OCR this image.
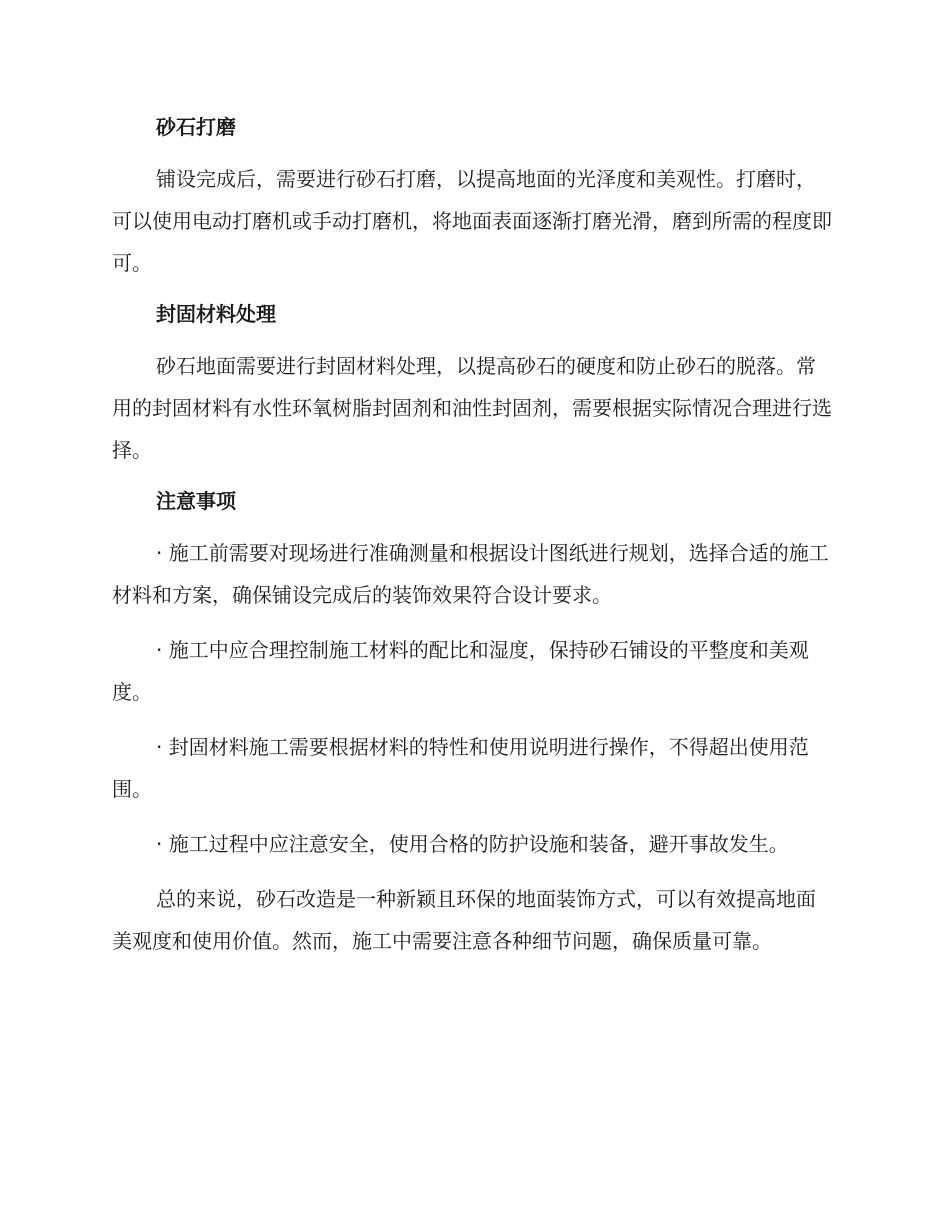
砂石打磨

铺设完成后，需要进行砂石打磨，以提高地面的光泽度和美观性。打磨时，可以使用电动打磨机或手动打磨机，将地面表面逐渐打磨光滑，磨到所需的程度即可。

封固材料处理

砂石地面需要进行封固材料处理，以提高砂石的硬度和防止砂石的脱落。常用的封固材料有水性环氧树脂封固剂和油性封固剂，需要根据实际情况合理进行选择。

注意事项

· 施工前需要对现场进行准确测量和根据设计图纸进行规划，选择合适的施工材料和方案，确保铺设完成后的装饰效果符合设计要求。

· 施工中应合理控制施工材料的配比和湿度，保持砂石铺设的平整度和美观度。

· 封固材料施工需要根据材料的特性和使用说明进行操作，不得超出使用范围。

· 施工过程中应注意安全，使用合格的防护设施和装备，避开事故发生。

总的来说，砂石改造是一种新颖且环保的地面装饰方式，可以有效提高地面美观度和使用价值。然而，施工中需要注意各种细节问题，确保质量可靠。
